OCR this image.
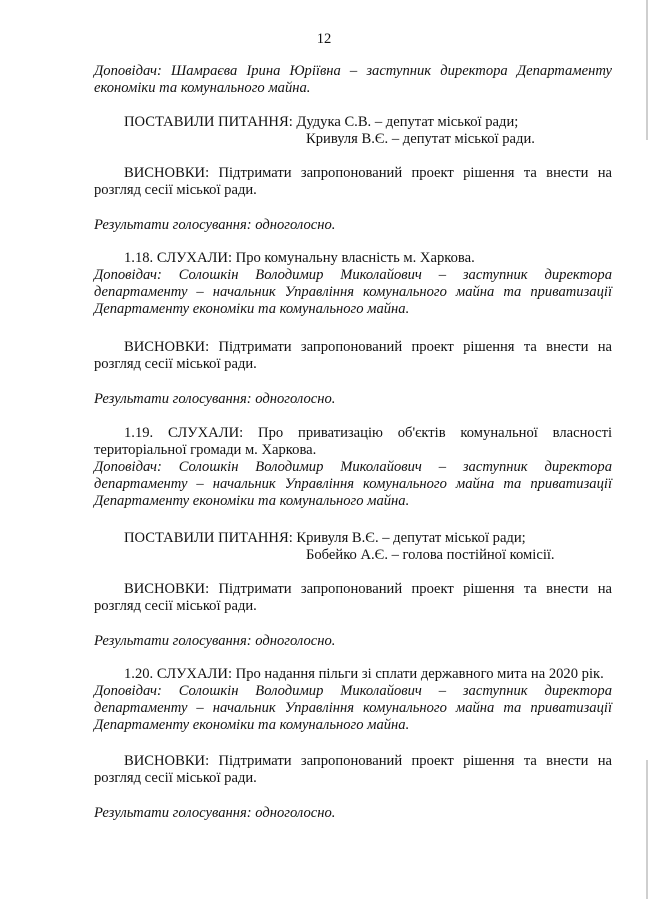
12

Доповідач: Шамраєва Ірина Юріївна – заступник директора Департаменту економіки та комунального майна.

ПОСТАВИЛИ ПИТАННЯ: Дудука С.В. – депутат міської ради;

Кривуля В.Є. – депутат міської ради.

ВИСНОВКИ: Підтримати запропонований проект рішення та внести на розгляд сесії міської ради.

Результати голосування: одноголосно.

1.18. СЛУХАЛИ: Про комунальну власність м. Харкова.

Доповідач: Солошкін Володимир Миколайович – заступник директора департаменту – начальник Управління комунального майна та приватизації Департаменту економіки та комунального майна.

ВИСНОВКИ: Підтримати запропонований проект рішення та внести на розгляд сесії міської ради.

Результати голосування: одноголосно.

1.19. СЛУХАЛИ: Про приватизацію об'єктів комунальної власності територіальної громади м. Харкова.

Доповідач: Солошкін Володимир Миколайович – заступник директора департаменту – начальник Управління комунального майна та приватизації Департаменту економіки та комунального майна.

ПОСТАВИЛИ ПИТАННЯ: Кривуля В.Є. – депутат міської ради;

Бобейко А.Є. – голова постійної комісії.

ВИСНОВКИ: Підтримати запропонований проект рішення та внести на розгляд сесії міської ради.

Результати голосування: одноголосно.

1.20. СЛУХАЛИ: Про надання пільги зі сплати державного мита на 2020 рік.

Доповідач: Солошкін Володимир Миколайович – заступник директора департаменту – начальник Управління комунального майна та приватизації Департаменту економіки та комунального майна.

ВИСНОВКИ: Підтримати запропонований проект рішення та внести на розгляд сесії міської ради.

Результати голосування: одноголосно.
